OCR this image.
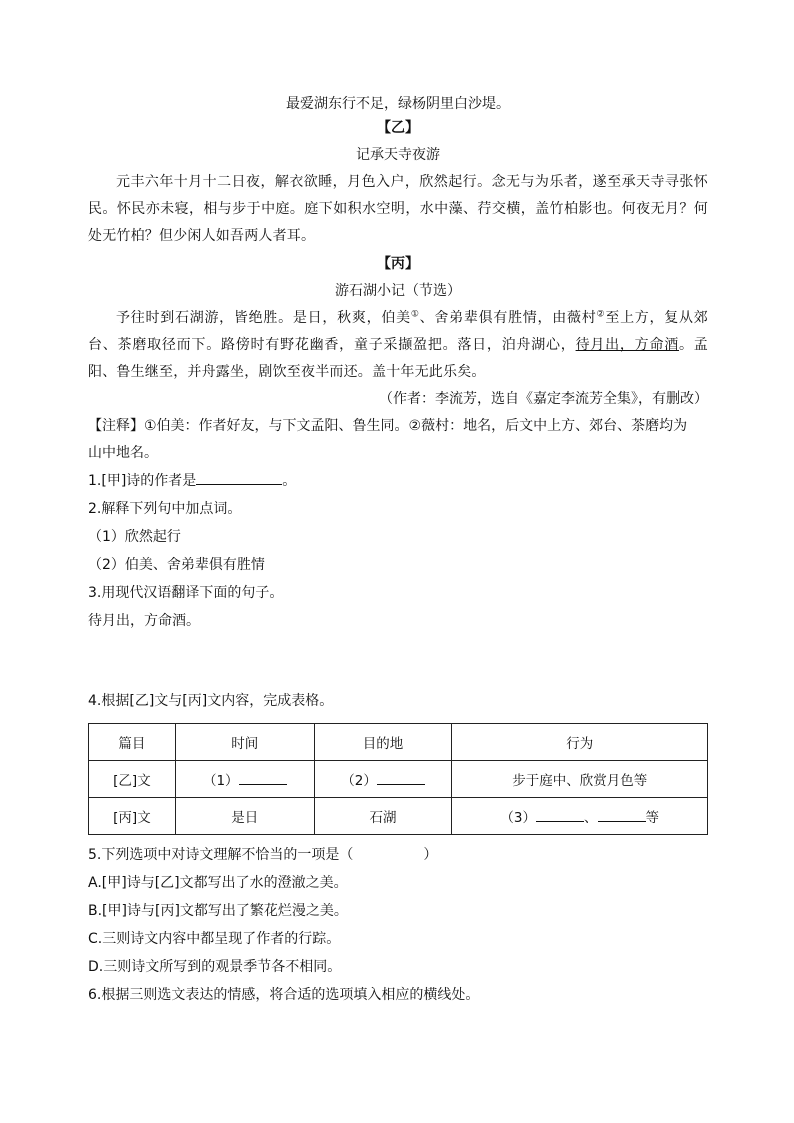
最爱湖东行不足，绿杨阴里白沙堤。
【乙】
记承天寺夜游
元丰六年十月十二日夜，解衣欲睡，月色入户，欣然起行。念无与为乐者，遂至承天寺寻张怀民。怀民亦未寝，相与步于中庭。庭下如积水空明，水中藻、荇交横，盖竹柏影也。何夜无月？何处无竹柏？但少闲人如吾两人者耳。
【丙】
游石湖小记（节选）
予往时到石湖游，皆绝胜。是日，秋爽，伯美①、舍弟辈俱有胜情，由薇村②至上方，复从郊台、茶磨取径而下。路傍时有野花幽香，童子采撷盈把。落日，泊舟湖心，待月出，方命酒。孟阳、鲁生继至，并舟露坐，剧饮至夜半而还。盖十年无此乐矣。
（作者：李流芳，选自《嘉定李流芳全集》，有删改）
【注释】①伯美：作者好友，与下文孟阳、鲁生同。②薇村：地名，后文中上方、郊台、茶磨均为
山中地名。
1.[甲]诗的作者是	。
2.解释下列句中加点词。
（1）欣然起行
（2）伯美、舍弟辈俱有胜情
3.用现代汉语翻译下面的句子。
待月出，方命酒。
4.根据[乙]文与[丙]文内容，完成表格。
篇目	时间	目的地	行为
[乙]文	（1）	（2）	步于庭中、欣赏月色等
[丙]文	是日	石湖	（3） 、 等
5.下列选项中对诗文理解不恰当的一项是（　　　　　）
A.[甲]诗与[乙]文都写出了水的澄澈之美。
B.[甲]诗与[丙]文都写出了繁花烂漫之美。
C.三则诗文内容中都呈现了作者的行踪。
D.三则诗文所写到的观景季节各不相同。
6.根据三则选文表达的情感，将合适的选项填入相应的横线处。
